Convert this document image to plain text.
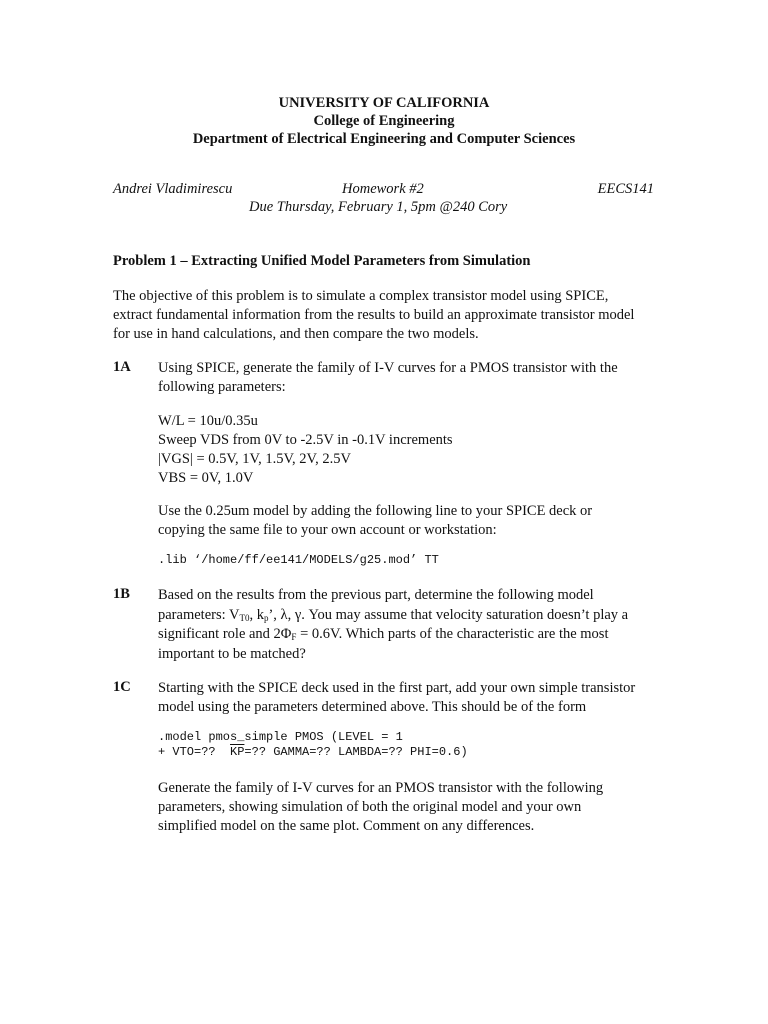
UNIVERSITY OF CALIFORNIA
College of Engineering
Department of Electrical Engineering and Computer Sciences
Andrei Vladimirescu	Homework #2	EECS141
Due Thursday, February 1, 5pm @240 Cory
Problem 1 – Extracting Unified Model Parameters from Simulation
The objective of this problem is to simulate a complex transistor model using SPICE,
extract fundamental information from the results to build an approximate transistor model
for use in hand calculations, and then compare the two models.
1A Using SPICE, generate the family of I-V curves for a PMOS transistor with the
following parameters:
W/L = 10u/0.35u
Sweep VDS from 0V to -2.5V in -0.1V increments
|VGS| = 0.5V, 1V, 1.5V, 2V, 2.5V
VBS = 0V, 1.0V
Use the 0.25um model by adding the following line to your SPICE deck or
copying the same file to your own account or workstation:
.lib ‘/home/ff/ee141/MODELS/g25.mod’ TT
1B Based on the results from the previous part, determine the following model
parameters: $V_{T0}$, $k_p$’, λ, γ. You may assume that velocity saturation doesn’t play a
significant role and $2\Phi_F = 0.6V$. Which parts of the characteristic are the most
important to be matched?
1C Starting with the SPICE deck used in the first part, add your own simple transistor
model using the parameters determined above. This should be of the form
.model pmos_simple PMOS (LEVEL = 1
+ VTO=??  $\overline{KP}=$?? GAMMA=?? LAMBDA=?? PHI=0.6)
Generate the family of I-V curves for an PMOS transistor with the following
parameters, showing simulation of both the original model and your own
simplified model on the same plot. Comment on any differences.
